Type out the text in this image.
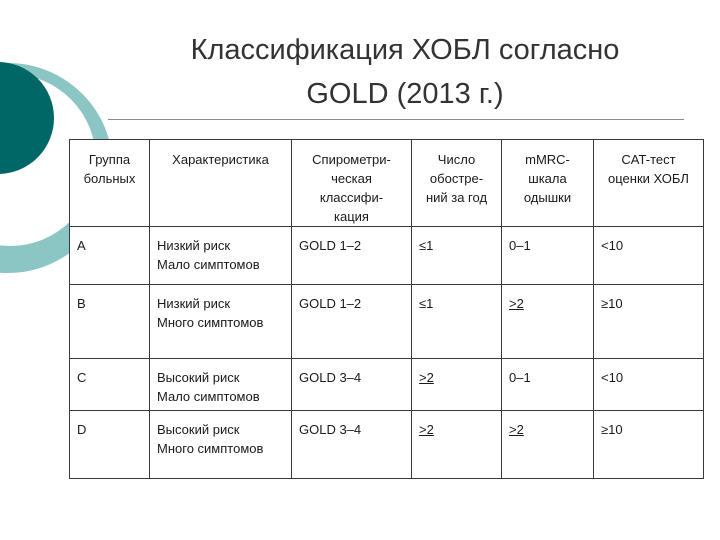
Классификация ХОБЛ согласно
GOLD (2013 г.)
Группа
больных	Характеристика	Спирометри-
ческая
классифи-
кация	Число
обостре-
ний за год	mMRC-
шкала
одышки	CAT-тест
оценки ХОБЛ
A	Низкий риск
Мало симптомов	GOLD 1–2	≤1	0–1	<10
B	Низкий риск
Много симптомов	GOLD 1–2	≤1	>2	≥10
C	Высокий риск
Мало симптомов	GOLD 3–4	>2	0–1	<10
D	Высокий риск
Много симптомов	GOLD 3–4	>2	>2	≥10
